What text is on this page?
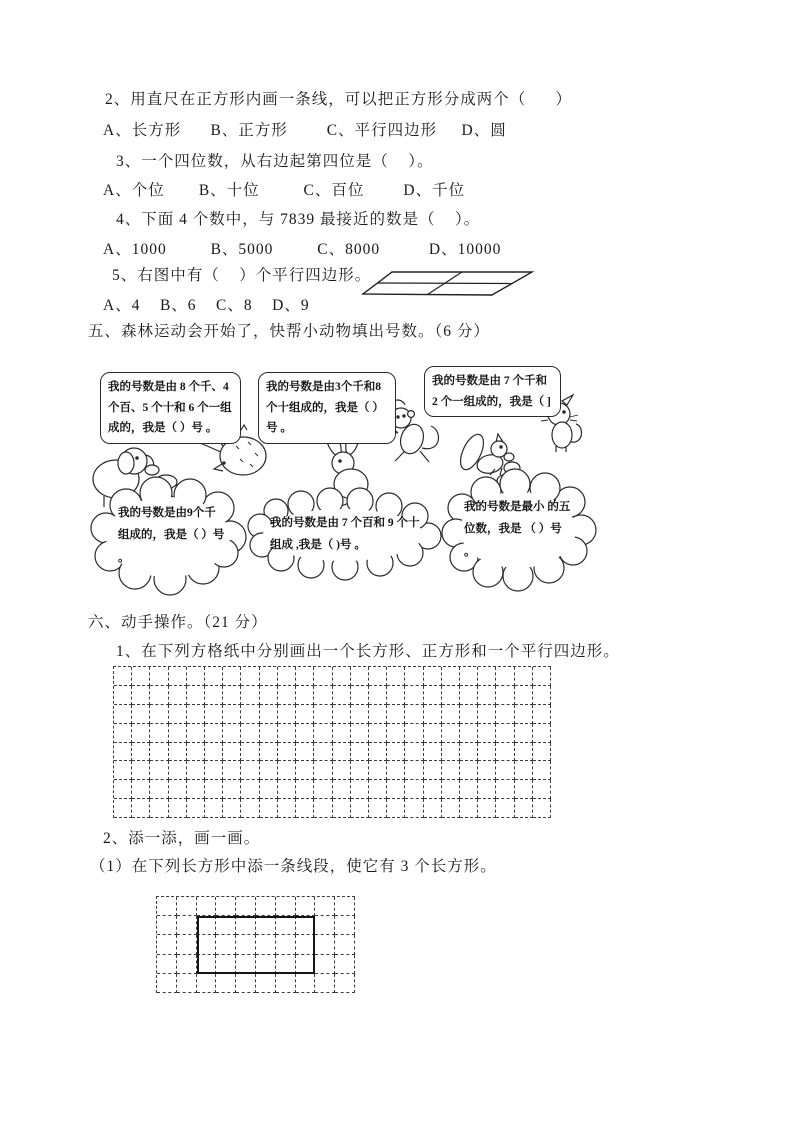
2、用直尺在正方形内画一条线，可以把正方形分成两个（      ）
A、长方形      B、正方形        C、平行四边形     D、圆
3、一个四位数，从右边起第四位是（    ）。
A、个位       B、十位         C、百位        D、千位
4、下面 4 个数中，与 7839 最接近的数是（    ）。
A、1000         B、5000         C、8000          D、10000
5、右图中有（    ）个平行四边形。
A、4    B、6    C、8    D、9
五、森林运动会开始了，快帮小动物填出号数。（6 分）
我的号数是由 8 个千、4 个百、5 个十和 6 个一组成的，我是（ ）号 。
我的号数是由3个千和8个十组成的，我是（ ）号 。
我的号数是由 7 个千和 2 个一组成的，我是（ ]
我的号数是由9个千 组成的，我是（ ）号 。
我的号数是由 7 个百和 9 个十组成 ,我是（ )号 。
我的号数是最小 的五位数，我是 （ ）号 。
六、动手操作。（21 分）
1、在下列方格纸中分别画出一个长方形、正方形和一个平行四边形。
2、添一添，画一画。
（1）在下列长方形中添一条线段，使它有 3 个长方形。
